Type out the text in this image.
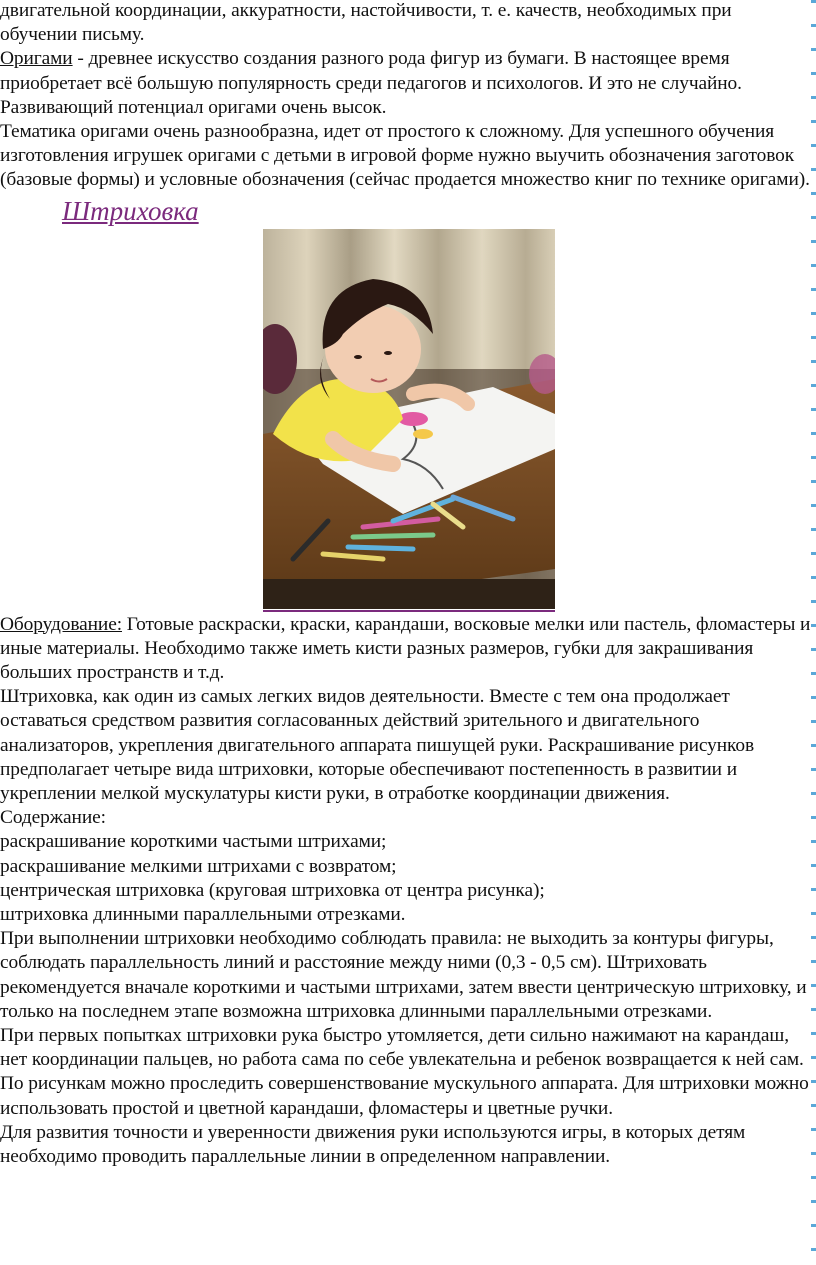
двигательной координации, аккуратности, настойчивости, т. е. качеств, необходимых при обучении письму.

Оригами - древнее искусство создания разного рода фигур из бумаги. В настоящее время приобретает всё большую популярность среди педагогов и психологов. И это не случайно. Развивающий потенциал оригами очень высок.

Тематика оригами очень разнообразна, идет от простого к сложному. Для успешного обучения изготовления игрушек оригами с детьми в игровой форме нужно выучить обозначения заготовок (базовые формы) и условные обозначения (сейчас продается множество книг по технике оригами).

Штриховка

Оборудование: Готовые раскраски, краски, карандаши, восковые мелки или пастель, фломастеры и иные материалы. Необходимо также иметь кисти разных размеров, губки для закрашивания больших пространств и т.д.

Штриховка, как один из самых легких видов деятельности. Вместе с тем она продолжает оставаться средством развития согласованных действий зрительного и двигательного анализаторов, укрепления двигательного аппарата пишущей руки. Раскрашивание рисунков предполагает четыре вида штриховки, которые обеспечивают постепенность в развитии и укреплении мелкой мускулатуры кисти руки, в отработке координации движения.

Содержание:

раскрашивание короткими частыми штрихами;

раскрашивание мелкими штрихами с возвратом;

центрическая штриховка (круговая штриховка от центра рисунка);

штриховка длинными параллельными отрезками.

При выполнении штриховки необходимо соблюдать правила: не выходить за контуры фигуры, соблюдать параллельность линий и расстояние между ними (0,3 - 0,5 см). Штриховать рекомендуется вначале короткими и частыми штрихами, затем ввести центрическую штриховку, и только на последнем этапе возможна штриховка длинными параллельными отрезками.

При первых попытках штриховки рука быстро утомляется, дети сильно нажимают на карандаш, нет координации пальцев, но работа сама по себе увлекательна и ребенок возвращается к ней сам. По рисункам можно проследить совершенствование мускульного аппарата. Для штриховки можно использовать простой и цветной карандаши, фломастеры и цветные ручки.

Для развития точности и уверенности движения руки используются игры, в которых детям необходимо проводить параллельные линии в определенном направлении.
